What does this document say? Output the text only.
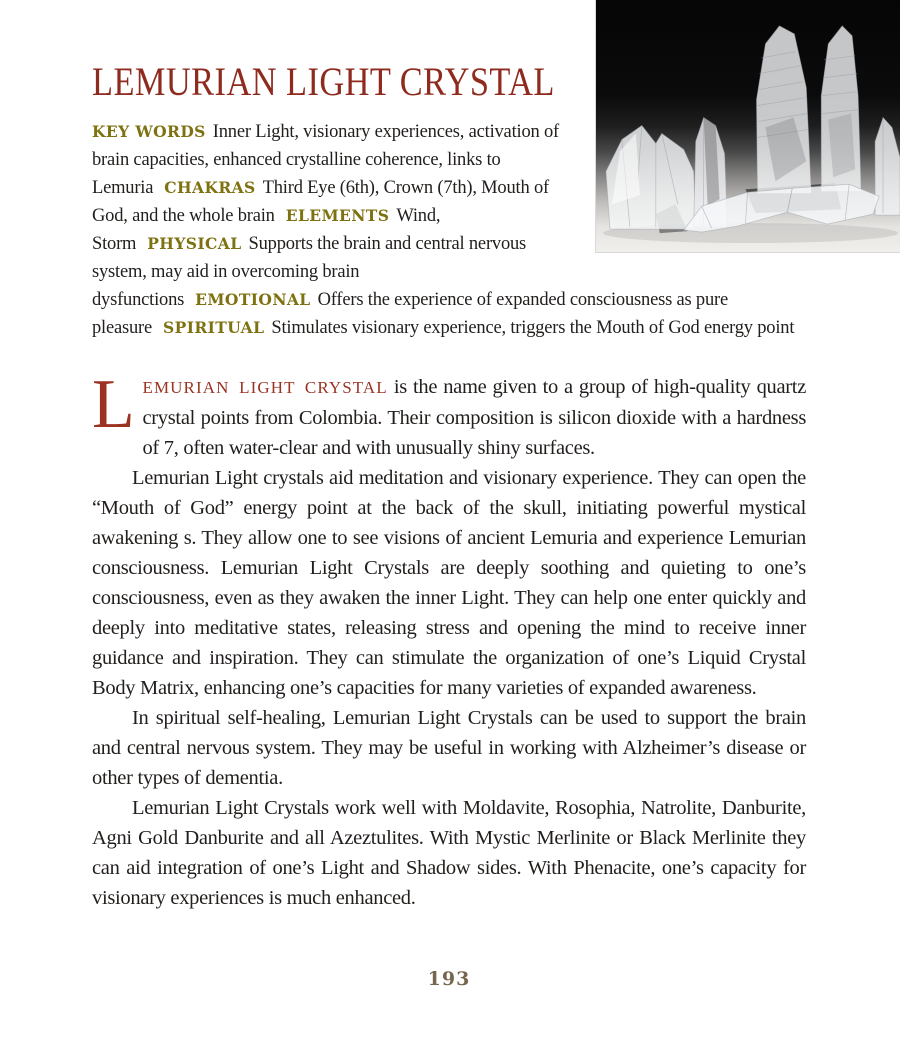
LEMURIAN LIGHT CRYSTAL

KEY WORDS Inner Light, visionary experiences, activation of brain capacities, enhanced crystalline coherence, links to Lemuria CHAKRAS Third Eye (6th), Crown (7th), Mouth of God, and the whole brain ELEMENTS Wind, Storm PHYSICAL Supports the brain and central nervous system, may aid in overcoming brain dysfunctions EMOTIONAL Offers the experience of expanded consciousness as pure pleasure SPIRITUAL Stimulates visionary experience, triggers the Mouth of God energy point

LEMURIAN LIGHT CRYSTAL is the name given to a group of high-quality quartz crystal points from Colombia. Their composition is silicon dioxide with a hardness of 7, often water-clear and with unusually shiny surfaces.

Lemurian Light crystals aid meditation and visionary experience. They can open the “Mouth of God” energy point at the back of the skull, initiating powerful mystical awakening s. They allow one to see visions of ancient Lemuria and experience Lemurian consciousness. Lemurian Light Crystals are deeply soothing and quieting to one’s consciousness, even as they awaken the inner Light. They can help one enter quickly and deeply into meditative states, releasing stress and opening the mind to receive inner guidance and inspiration. They can stimulate the organization of one’s Liquid Crystal Body Matrix, enhancing one’s capacities for many varieties of expanded awareness.

In spiritual self-healing, Lemurian Light Crystals can be used to support the brain and central nervous system. They may be useful in working with Alzheimer’s disease or other types of dementia.

Lemurian Light Crystals work well with Moldavite, Rosophia, Natrolite, Danburite, Agni Gold Danburite and all Azeztulites. With Mystic Merlinite or Black Merlinite they can aid integration of one’s Light and Shadow sides. With Phenacite, one’s capacity for visionary experiences is much enhanced.

193
